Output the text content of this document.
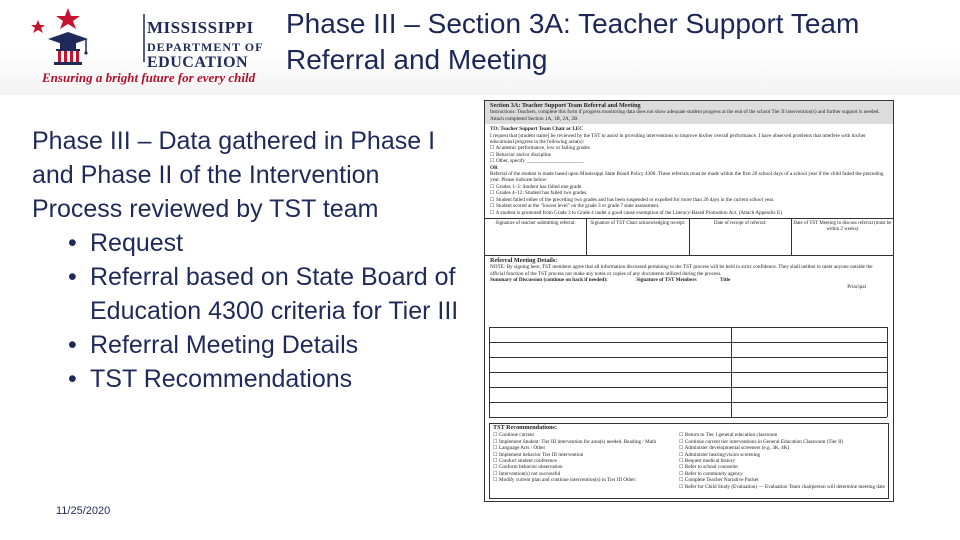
MISSISSIPPI
DEPARTMENT OF
EDUCATION
Ensuring a bright future for every child
Phase III – Section 3A: Teacher Support Team Referral and Meeting

Phase III – Data gathered in Phase I and Phase II of the Intervention Process reviewed by TST team

• Request
• Referral based on State Board of Education 4300 criteria for Tier III
• Referral Meeting Details
• TST Recommendations
11/25/2020
Section 3A: Teacher Support Team Referral and Meeting
Instructions: Teachers, complete this form if progress monitoring data does not show adequate student progress at the end of the school Tier II intervention(s) and further support is needed. Attach completed Section 1A, 1B, 2A, 2B
TO: Teacher Support Team Chair or LEC
I request that [student name] be reviewed by the TST to assist in providing interventions to improve his/her overall performance. I have observed problems that interfere with his/her educational progress in the following area(s):
☐ Academic performance, low or failing grades
☐ Behavior and/or discipline
☐ Other, specify ______________________
OR
Referral of the student is made based upon Mississippi State Board Policy 4300. These referrals must be made within the first 20 school days of a school year if the child failed the preceding year. Please indicate below:
☐ Grades 1–3: Student has failed one grade.
☐ Grades 4–12: Student has failed two grades.
☐ Student failed either of the preceding two grades and has been suspended or expelled for more than 20 days in the current school year.
☐ Student scored at the "lowest level" on the grade 3 or grade 7 state assessment.
☐ A student is promoted from Grade 3 to Grade 4 under a good cause exemption of the Literacy-Based Promotion Act. (Attach Appendix E)
Signature of teacher submitting referral:	Signature of TST Chair acknowledging receipt:	Date of receipt of referral:	Date of TST Meeting to discuss referral (must be within 2 weeks)
Referral Meeting Details:
NOTE: By signing here, TST members agree that all information discussed pertaining to the TST process will be held in strict confidence. They shall neither to meet anyone outside the official function of the TST process nor make any notes or copies of any documents utilized during the process.
Summary of Discussion (continue on back if needed):	Signature of TST Members	Title
Principal
TST Recommendations:
☐ Continue current
☐ Implement Student: Tier III intervention for area(s) needed. Reading / Math
☐ Language Arts / Other
☐ Implement behavior Tier III intervention
☐ Conduct student conference
☐ Conform behavior observation
☐ Intervention(s) not successful
☐ Modify current plan and continue intervention(s) in Tier III Other:
☐ Return to Tier I general education classroom
☐ Continue current tier interventions in General Education Classroom (Tier II)
☐ Administer developmental screeners (e.g. 3K, 4K)
☐ Administer hearing/vision screening
☐ Request medical history
☐ Refer to school counselor
☐ Refer to community agency
☐ Complete Teacher Narrative Packet
☐ Refer for Child Study (Evaluation) — Evaluation Team chairperson will determine meeting date
